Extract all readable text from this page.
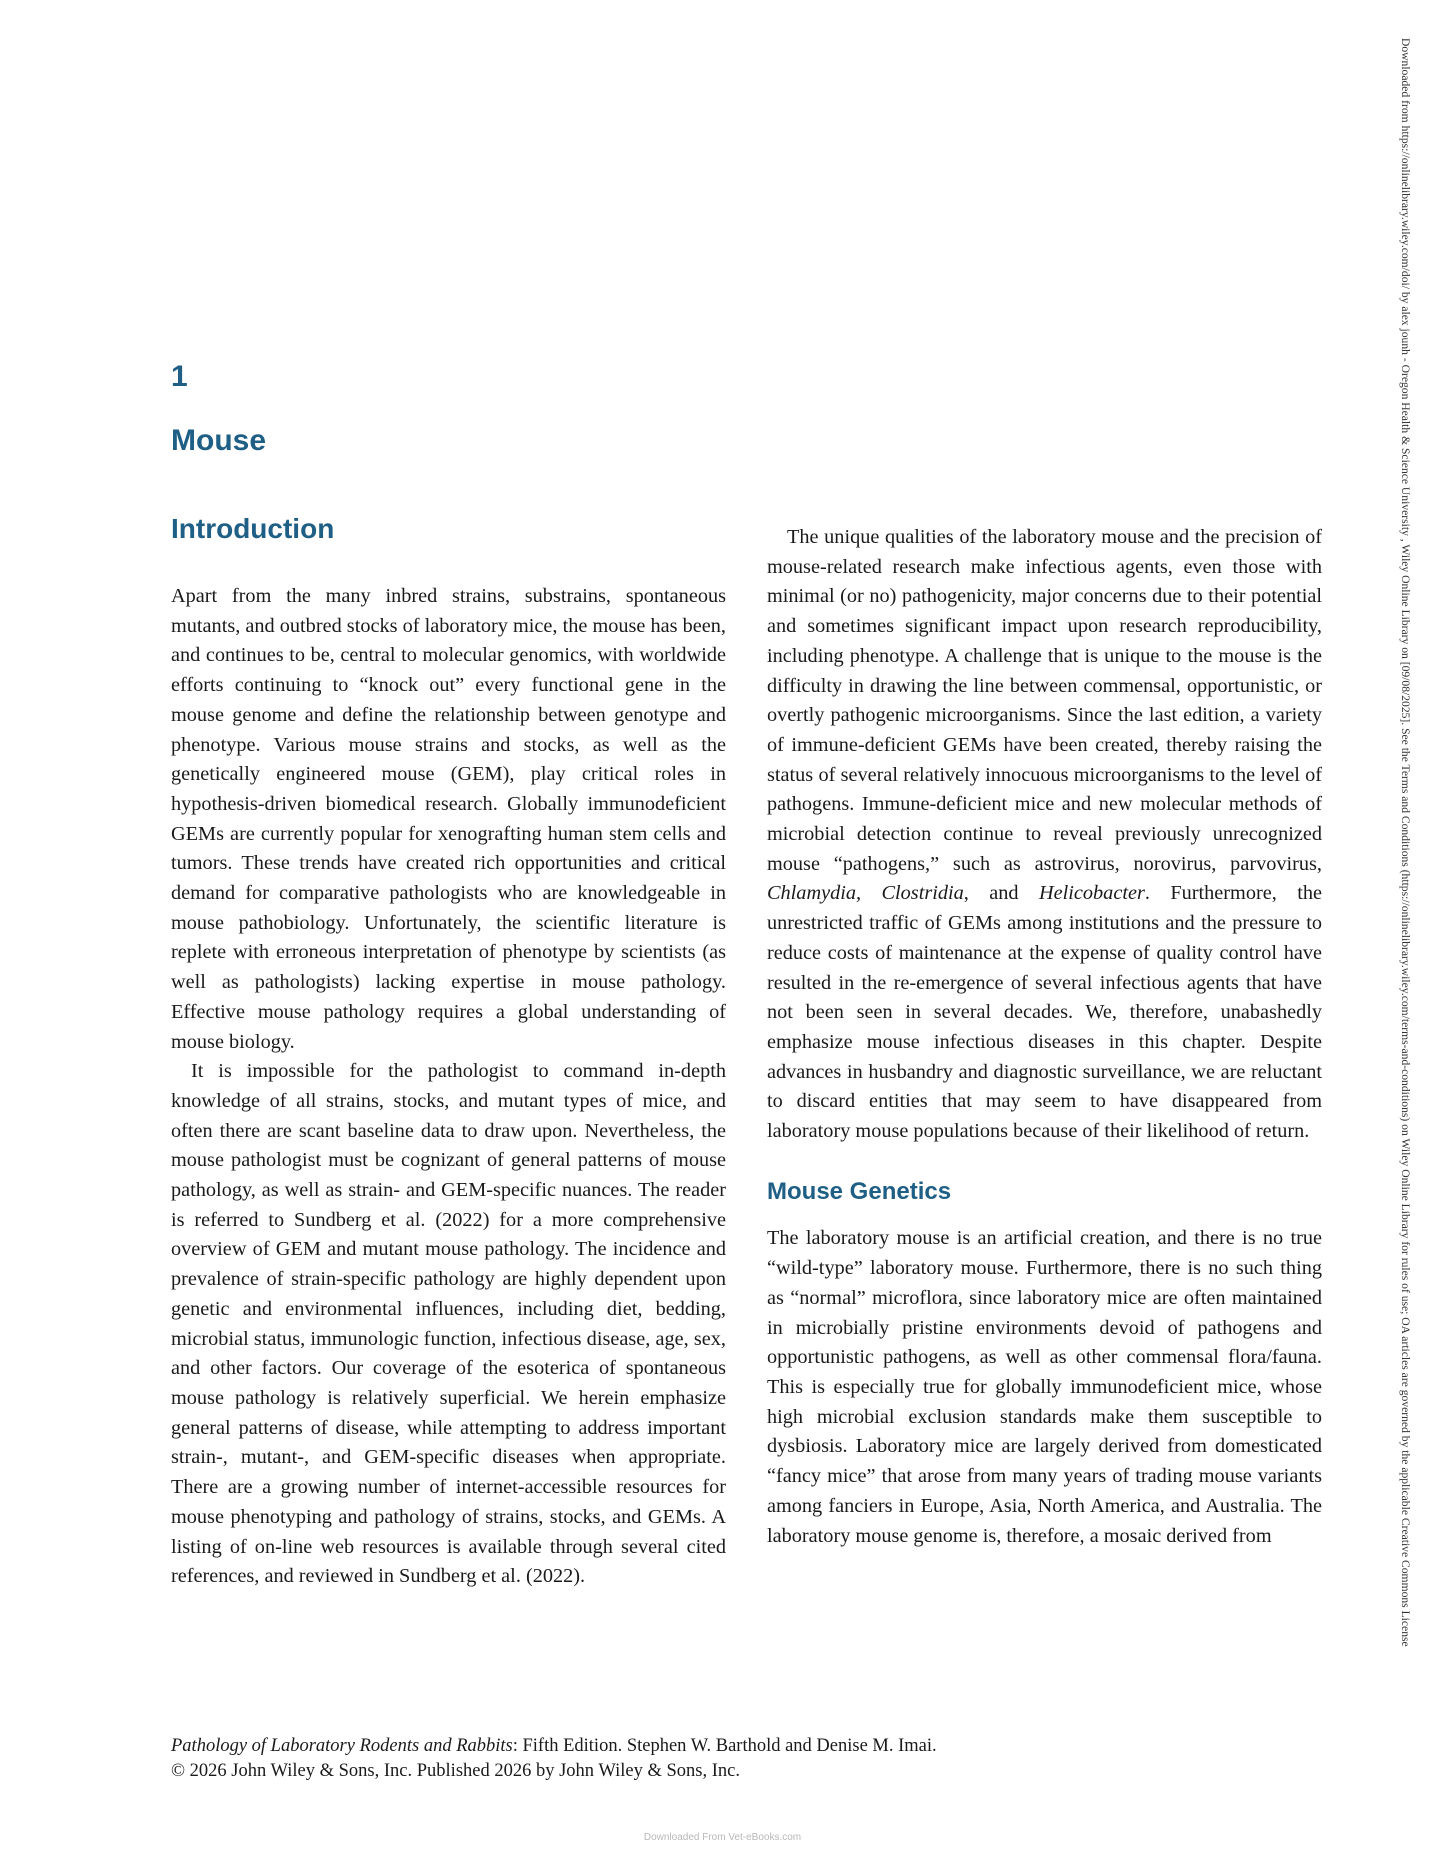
1
Mouse
Introduction

Apart from the many inbred strains, substrains, spontaneous mutants, and outbred stocks of laboratory mice, the mouse has been, and continues to be, central to molecular genomics, with worldwide efforts continuing to “knock out” every functional gene in the mouse genome and define the relationship between genotype and phenotype. Various mouse strains and stocks, as well as the genetically engineered mouse (GEM), play critical roles in hypothesis-driven biomedical research. Globally immunodeficient GEMs are currently popular for xenografting human stem cells and tumors. These trends have created rich opportunities and critical demand for comparative pathologists who are knowledgeable in mouse pathobiology. Unfortunately, the scientific literature is replete with erroneous interpretation of phenotype by scientists (as well as pathologists) lacking expertise in mouse pathology. Effective mouse pathology requires a global understanding of mouse biology.

It is impossible for the pathologist to command in-depth knowledge of all strains, stocks, and mutant types of mice, and often there are scant baseline data to draw upon. Nevertheless, the mouse pathologist must be cognizant of general patterns of mouse pathology, as well as strain- and GEM-specific nuances. The reader is referred to Sundberg et al. (2022) for a more comprehensive overview of GEM and mutant mouse pathology. The incidence and prevalence of strain-specific pathology are highly dependent upon genetic and environmental influences, including diet, bedding, microbial status, immunologic function, infectious disease, age, sex, and other factors. Our coverage of the esoterica of spontaneous mouse pathology is relatively superficial. We herein emphasize general patterns of disease, while attempting to address important strain-, mutant-, and GEM-specific diseases when appropriate. There are a growing number of internet-accessible resources for mouse phenotyping and pathology of strains, stocks, and GEMs. A listing of on-line web resources is available through several cited references, and reviewed in Sundberg et al. (2022).

The unique qualities of the laboratory mouse and the precision of mouse-related research make infectious agents, even those with minimal (or no) pathogenicity, major concerns due to their potential and sometimes significant impact upon research reproducibility, including phenotype. A challenge that is unique to the mouse is the difficulty in drawing the line between commensal, opportunistic, or overtly pathogenic microorganisms. Since the last edition, a variety of immune-deficient GEMs have been created, thereby raising the status of several relatively innocuous microorganisms to the level of pathogens. Immune-deficient mice and new molecular methods of microbial detection continue to reveal previously unrecognized mouse “pathogens,” such as astrovirus, norovirus, parvovirus, Chlamydia, Clostridia, and Helicobacter. Furthermore, the unrestricted traffic of GEMs among institutions and the pressure to reduce costs of maintenance at the expense of quality control have resulted in the re-emergence of several infectious agents that have not been seen in several decades. We, therefore, unabashedly emphasize mouse infectious diseases in this chapter. Despite advances in husbandry and diagnostic surveillance, we are reluctant to discard entities that may seem to have disappeared from laboratory mouse populations because of their likelihood of return.

Mouse Genetics

The laboratory mouse is an artificial creation, and there is no true “wild-type” laboratory mouse. Furthermore, there is no such thing as “normal” microflora, since laboratory mice are often maintained in microbially pristine environments devoid of pathogens and opportunistic pathogens, as well as other commensal flora/fauna. This is especially true for globally immunodeficient mice, whose high microbial exclusion standards make them susceptible to dysbiosis. Laboratory mice are largely derived from domesticated “fancy mice” that arose from many years of trading mouse variants among fanciers in Europe, Asia, North America, and Australia. The laboratory mouse genome is, therefore, a mosaic derived from

Pathology of Laboratory Rodents and Rabbits: Fifth Edition. Stephen W. Barthold and Denise M. Imai.
© 2026 John Wiley & Sons, Inc. Published 2026 by John Wiley & Sons, Inc.
Downloaded from https://onlinelibrary.wiley.com/doi/ by alex jounh - Oregon Health & Science University , Wiley Online Library on [09/08/2025]. See the Terms and Conditions (https://onlinelibrary.wiley.com/terms-and-conditions) on Wiley Online Library for rules of use; OA articles are governed by the applicable Creative Commons License
Downloaded From Vet-eBooks.com
